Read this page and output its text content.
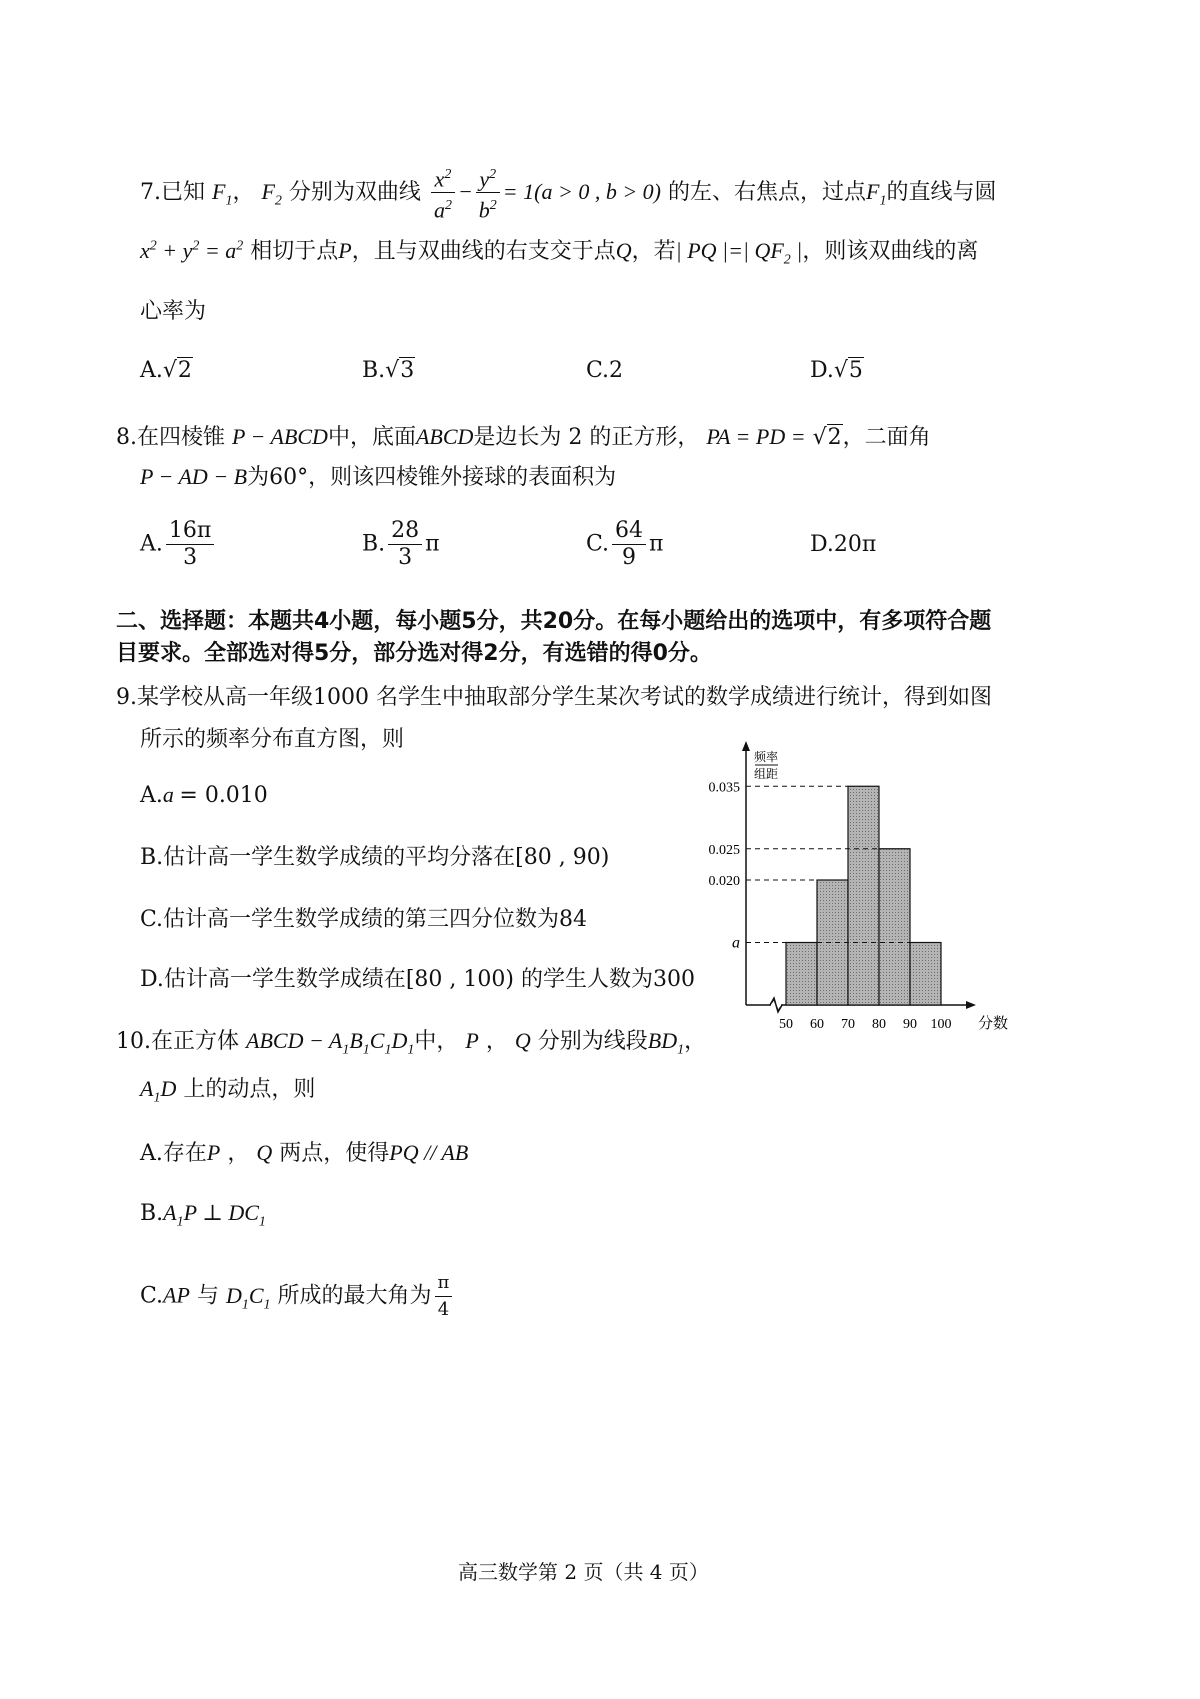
7.已知 $F_1$， $F_2$ 分别为双曲线 $\frac{x^2}{a^2} - \frac{y^2}{b^2} = 1(a > 0$ , b > 0) 的左、右焦点，过点$F_1$的直线与圆
$x^2 + y^2 = a^2$ 相切于点P，且与双曲线的右支交于点Q，若| PQ |=| $QF_2$ |，则该双曲线的离
心率为
A.√2	B.√3	C.2	D.√5
8.在四棱锥 P − ABCD中，底面ABCD是边长为 2 的正方形， PA = PD = √2，二面角
P − AD − B为60°，则该四棱锥外接球的表面积为
A. $\frac{16\pi}{3}$	B. $\frac{28}{3}$ π	C. $\frac{64}{9}$ π	D.20π
二、选择题：本题共4小题，每小题5分，共20分。在每小题给出的选项中，有多项符合题
目要求。全部选对得5分，部分选对得2分，有选错的得0分。
9.某学校从高一年级1000 名学生中抽取部分学生某次考试的数学成绩进行统计，得到如图
所示的频率分布直方图，则
A.a = 0.010
B.估计高一学生数学成绩的平均分落在[80 , 90)
C.估计高一学生数学成绩的第三四分位数为84
D.估计高一学生数学成绩在[80 , 100) 的学生人数为300
频率
组距
0.035
0.025
0.020
a
50 60 70 80 90 100 分数
10.在正方体 ABCD − $A_1B_1C_1D_1$中， P ， Q 分别为线段$BD_1$，
$A_1D$ 上的动点，则
A.存在P ， Q 两点，使得PQ // AB
$B.A_1P$ ⊥ $DC_1$
C.AP 与 $D_1C_1$ 所成的最大角为 $\frac{\pi}{4}$
高三数学第 2 页（共 4 页）
